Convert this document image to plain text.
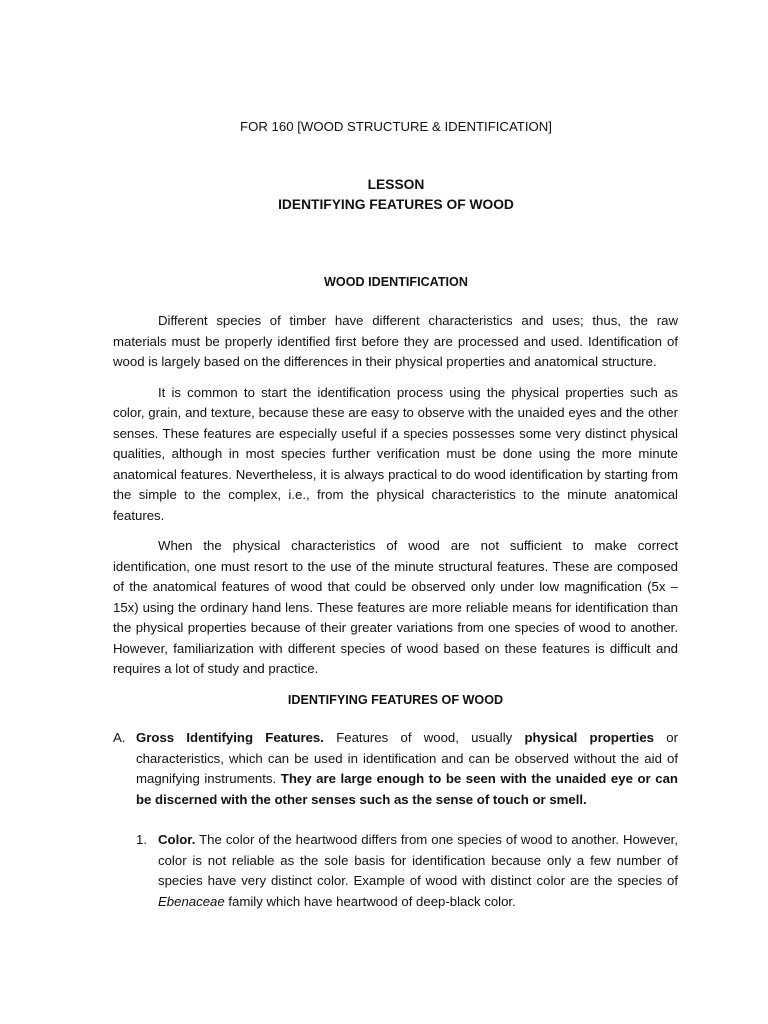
FOR 160 [WOOD STRUCTURE & IDENTIFICATION]
LESSON
IDENTIFYING FEATURES OF WOOD
WOOD IDENTIFICATION

Different species of timber have different characteristics and uses; thus, the raw materials must be properly identified first before they are processed and used. Identification of wood is largely based on the differences in their physical properties and anatomical structure.

It is common to start the identification process using the physical properties such as color, grain, and texture, because these are easy to observe with the unaided eyes and the other senses. These features are especially useful if a species possesses some very distinct physical qualities, although in most species further verification must be done using the more minute anatomical features. Nevertheless, it is always practical to do wood identification by starting from the simple to the complex, i.e., from the physical characteristics to the minute anatomical features.

When the physical characteristics of wood are not sufficient to make correct identification, one must resort to the use of the minute structural features. These are composed of the anatomical features of wood that could be observed only under low magnification (5x –15x) using the ordinary hand lens. These features are more reliable means for identification than the physical properties because of their greater variations from one species of wood to another. However, familiarization with different species of wood based on these features is difficult and requires a lot of study and practice.

IDENTIFYING FEATURES OF WOOD
A. Gross Identifying Features. Features of wood, usually physical properties or characteristics, which can be used in identification and can be observed without the aid of magnifying instruments. They are large enough to be seen with the unaided eye or can be discerned with the other senses such as the sense of touch or smell.
1. Color. The color of the heartwood differs from one species of wood to another. However, color is not reliable as the sole basis for identification because only a few number of species have very distinct color. Example of wood with distinct color are the species of Ebenaceae family which have heartwood of deep-black color.
